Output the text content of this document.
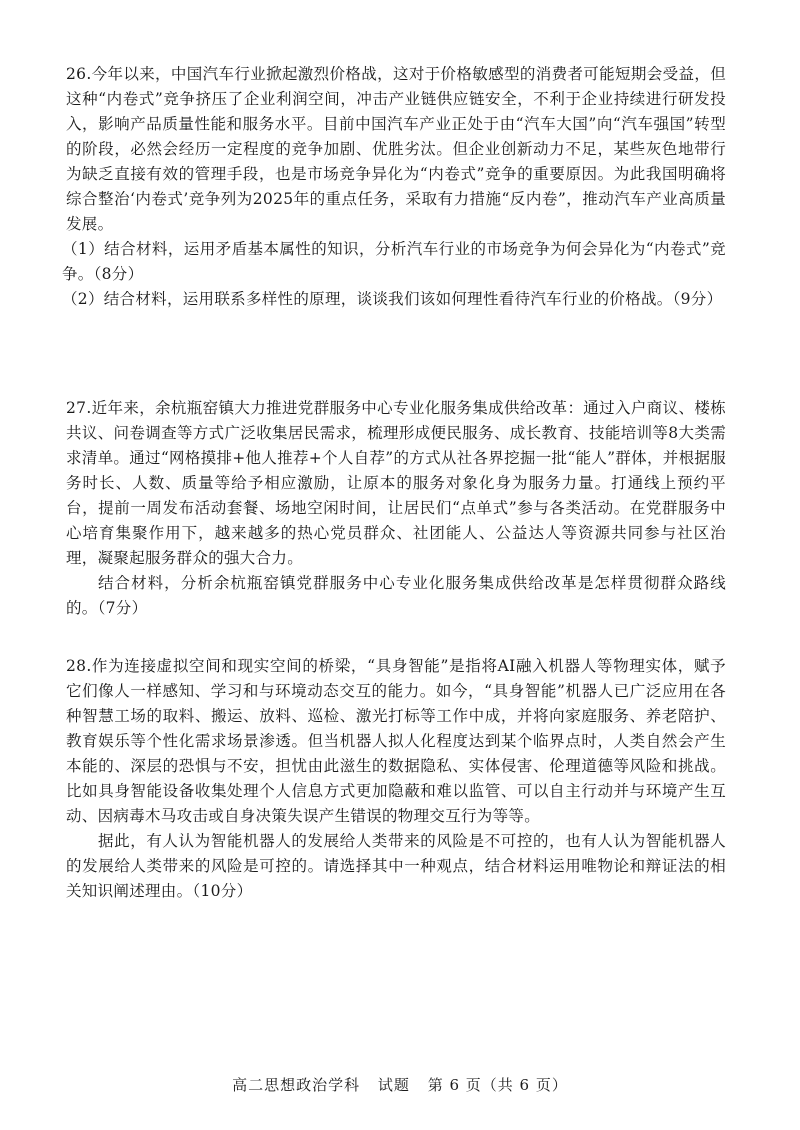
26.今年以来，中国汽车行业掀起激烈价格战，这对于价格敏感型的消费者可能短期会受益，但这种“内卷式”竞争挤压了企业利润空间，冲击产业链供应链安全，不利于企业持续进行研发投入，影响产品质量性能和服务水平。目前中国汽车产业正处于由“汽车大国”向“汽车强国”转型的阶段，必然会经历一定程度的竞争加剧、优胜劣汰。但企业创新动力不足，某些灰色地带行为缺乏直接有效的管理手段，也是市场竞争异化为“内卷式”竞争的重要原因。为此我国明确将综合整治‘内卷式’竞争列为2025年的重点任务，采取有力措施“反内卷”，推动汽车产业高质量发展。

（1）结合材料，运用矛盾基本属性的知识，分析汽车行业的市场竞争为何会异化为“内卷式”竞争。（8分）

（2）结合材料，运用联系多样性的原理，谈谈我们该如何理性看待汽车行业的价格战。（9分）

27.近年来，余杭瓶窑镇大力推进党群服务中心专业化服务集成供给改革：通过入户商议、楼栋共议、问卷调查等方式广泛收集居民需求，梳理形成便民服务、成长教育、技能培训等8大类需求清单。通过“网格摸排+他人推荐+个人自荐”的方式从社各界挖掘一批“能人”群体，并根据服务时长、人数、质量等给予相应激励，让原本的服务对象化身为服务力量。打通线上预约平台，提前一周发布活动套餐、场地空闲时间，让居民们“点单式”参与各类活动。在党群服务中心培育集聚作用下，越来越多的热心党员群众、社团能人、公益达人等资源共同参与社区治理，凝聚起服务群众的强大合力。

结合材料，分析余杭瓶窑镇党群服务中心专业化服务集成供给改革是怎样贯彻群众路线的。（7分）

28.作为连接虚拟空间和现实空间的桥梁，“具身智能”是指将AI融入机器人等物理实体，赋予它们像人一样感知、学习和与环境动态交互的能力。如今，“具身智能”机器人已广泛应用在各种智慧工场的取料、搬运、放料、巡检、激光打标等工作中成，并将向家庭服务、养老陪护、教育娱乐等个性化需求场景渗透。但当机器人拟人化程度达到某个临界点时，人类自然会产生本能的、深层的恐惧与不安，担忧由此滋生的数据隐私、实体侵害、伦理道德等风险和挑战。比如具身智能设备收集处理个人信息方式更加隐蔽和难以监管、可以自主行动并与环境产生互动、因病毒木马攻击或自身决策失误产生错误的物理交互行为等等。

据此，有人认为智能机器人的发展给人类带来的风险是不可控的，也有人认为智能机器人的发展给人类带来的风险是可控的。请选择其中一种观点，结合材料运用唯物论和辩证法的相关知识阐述理由。（10分）

高二思想政治学科 试题 第 6 页（共 6 页）
